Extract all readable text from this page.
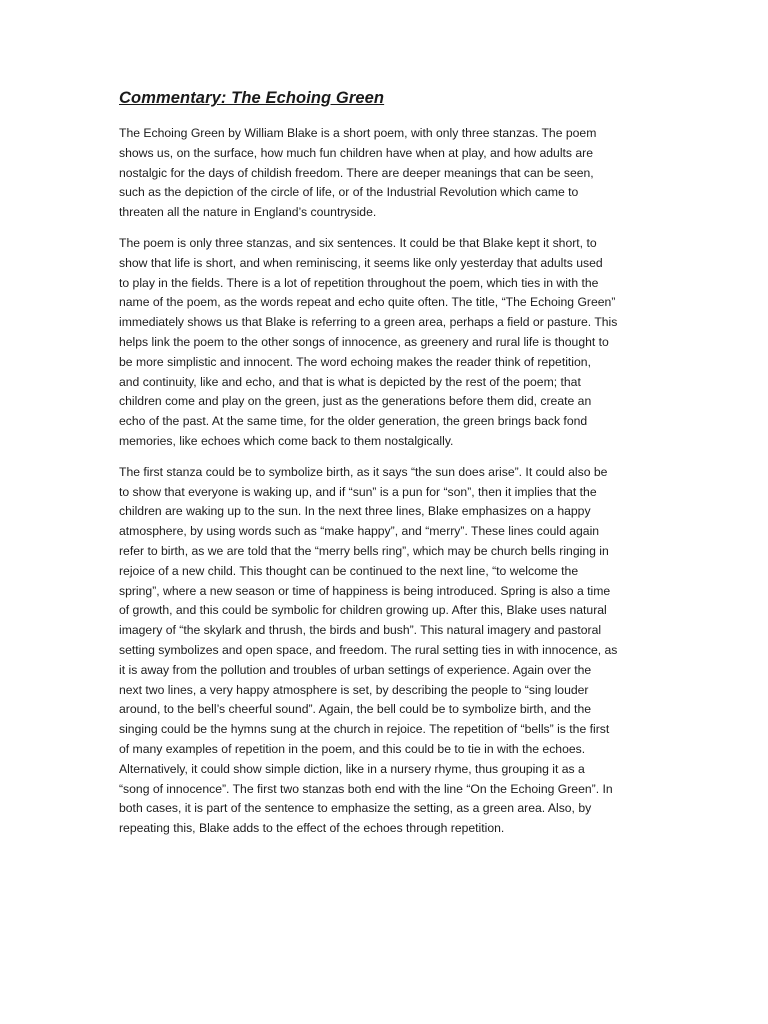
Commentary: The Echoing Green

The Echoing Green by William Blake is a short poem, with only three stanzas. The poem
shows us, on the surface, how much fun children have when at play, and how adults are
nostalgic for the days of childish freedom. There are deeper meanings that can be seen,
such as the depiction of the circle of life, or of the Industrial Revolution which came to
threaten all the nature in England’s countryside.

The poem is only three stanzas, and six sentences. It could be that Blake kept it short, to
show that life is short, and when reminiscing, it seems like only yesterday that adults used
to play in the fields. There is a lot of repetition throughout the poem, which ties in with the
name of the poem, as the words repeat and echo quite often. The title, “The Echoing Green”
immediately shows us that Blake is referring to a green area, perhaps a field or pasture. This
helps link the poem to the other songs of innocence, as greenery and rural life is thought to
be more simplistic and innocent. The word echoing makes the reader think of repetition,
and continuity, like and echo, and that is what is depicted by the rest of the poem; that
children come and play on the green, just as the generations before them did, create an
echo of the past. At the same time, for the older generation, the green brings back fond
memories, like echoes which come back to them nostalgically.

The first stanza could be to symbolize birth, as it says “the sun does arise”. It could also be
to show that everyone is waking up, and if “sun” is a pun for “son”, then it implies that the
children are waking up to the sun. In the next three lines, Blake emphasizes on a happy
atmosphere, by using words such as “make happy”, and “merry”. These lines could again
refer to birth, as we are told that the “merry bells ring”, which may be church bells ringing in
rejoice of a new child. This thought can be continued to the next line, “to welcome the
spring”, where a new season or time of happiness is being introduced. Spring is also a time
of growth, and this could be symbolic for children growing up. After this, Blake uses natural
imagery of “the skylark and thrush, the birds and bush”. This natural imagery and pastoral
setting symbolizes and open space, and freedom. The rural setting ties in with innocence, as
it is away from the pollution and troubles of urban settings of experience. Again over the
next two lines, a very happy atmosphere is set, by describing the people to “sing louder
around, to the bell’s cheerful sound”. Again, the bell could be to symbolize birth, and the
singing could be the hymns sung at the church in rejoice. The repetition of “bells” is the first
of many examples of repetition in the poem, and this could be to tie in with the echoes.
Alternatively, it could show simple diction, like in a nursery rhyme, thus grouping it as a
“song of innocence”. The first two stanzas both end with the line “On the Echoing Green”. In
both cases, it is part of the sentence to emphasize the setting, as a green area. Also, by
repeating this, Blake adds to the effect of the echoes through repetition.
